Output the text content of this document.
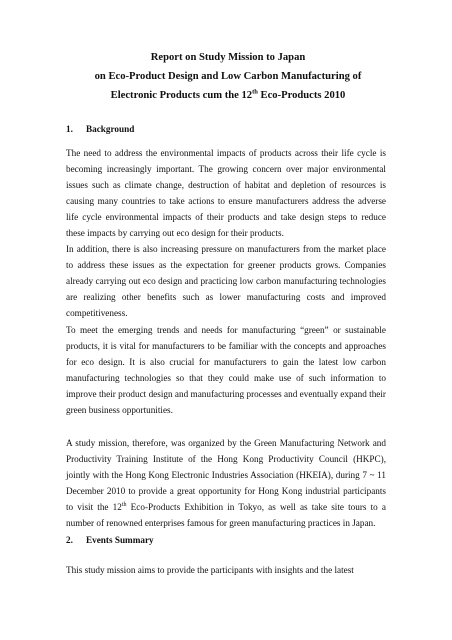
Report on Study Mission to Japan
on Eco-Product Design and Low Carbon Manufacturing of
Electronic Products cum the 12th Eco-Products 2010
1. Background

The need to address the environmental impacts of products across their life cycle is becoming increasingly important. The growing concern over major environmental issues such as climate change, destruction of habitat and depletion of resources is causing many countries to take actions to ensure manufacturers address the adverse life cycle environmental impacts of their products and take design steps to reduce these impacts by carrying out eco design for their products.

In addition, there is also increasing pressure on manufacturers from the market place to address these issues as the expectation for greener products grows. Companies already carrying out eco design and practicing low carbon manufacturing technologies are realizing other benefits such as lower manufacturing costs and improved competitiveness.

To meet the emerging trends and needs for manufacturing “green” or sustainable products, it is vital for manufacturers to be familiar with the concepts and approaches for eco design. It is also crucial for manufacturers to gain the latest low carbon manufacturing technologies so that they could make use of such information to improve their product design and manufacturing processes and eventually expand their green business opportunities.

A study mission, therefore, was organized by the Green Manufacturing Network and Productivity Training Institute of the Hong Kong Productivity Council (HKPC), jointly with the Hong Kong Electronic Industries Association (HKEIA), during 7 ~ 11 December 2010 to provide a great opportunity for Hong Kong industrial participants to visit the 12th Eco-Products Exhibition in Tokyo, as well as take site tours to a number of renowned enterprises famous for green manufacturing practices in Japan.

2. Events Summary

This study mission aims to provide the participants with insights and the latest
